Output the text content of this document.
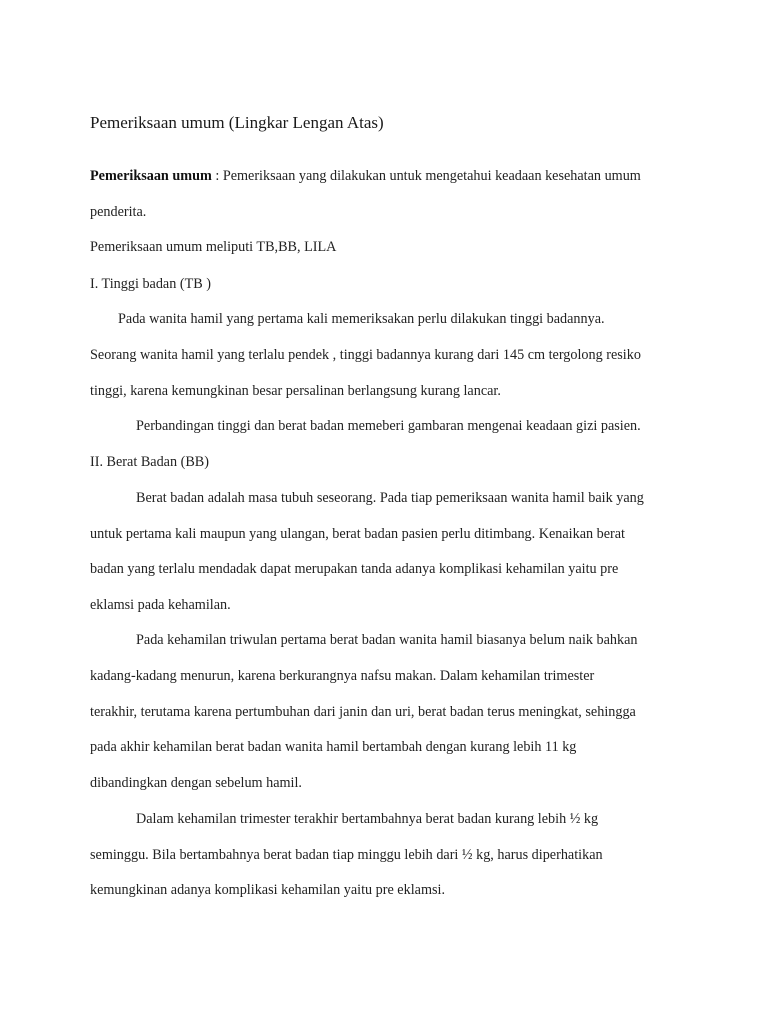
Pemeriksaan umum (Lingkar Lengan Atas)
Pemeriksaan umum : Pemeriksaan yang dilakukan untuk mengetahui keadaan kesehatan umum
penderita.
Pemeriksaan umum meliputi TB,BB, LILA
I. Tinggi badan (TB )
Pada wanita hamil yang pertama kali memeriksakan perlu dilakukan tinggi badannya.
Seorang wanita hamil yang terlalu pendek , tinggi badannya kurang dari 145 cm tergolong resiko
tinggi, karena kemungkinan besar persalinan berlangsung kurang lancar.
Perbandingan tinggi dan berat badan memeberi gambaran mengenai keadaan gizi pasien.
II. Berat Badan (BB)
Berat badan adalah masa tubuh seseorang. Pada tiap pemeriksaan wanita hamil baik yang
untuk pertama kali maupun yang ulangan, berat badan pasien perlu ditimbang. Kenaikan berat
badan yang terlalu mendadak dapat merupakan tanda adanya komplikasi kehamilan yaitu pre
eklamsi pada kehamilan.
Pada kehamilan triwulan pertama berat badan wanita hamil biasanya belum naik bahkan
kadang-kadang menurun, karena berkurangnya nafsu makan. Dalam kehamilan trimester
terakhir, terutama karena pertumbuhan dari janin dan uri, berat badan terus meningkat, sehingga
pada akhir kehamilan berat badan wanita hamil bertambah dengan kurang lebih 11 kg
dibandingkan dengan sebelum hamil.
Dalam kehamilan trimester terakhir bertambahnya berat badan kurang lebih ½ kg
seminggu. Bila bertambahnya berat badan tiap minggu lebih dari ½ kg, harus diperhatikan
kemungkinan adanya komplikasi kehamilan yaitu pre eklamsi.
